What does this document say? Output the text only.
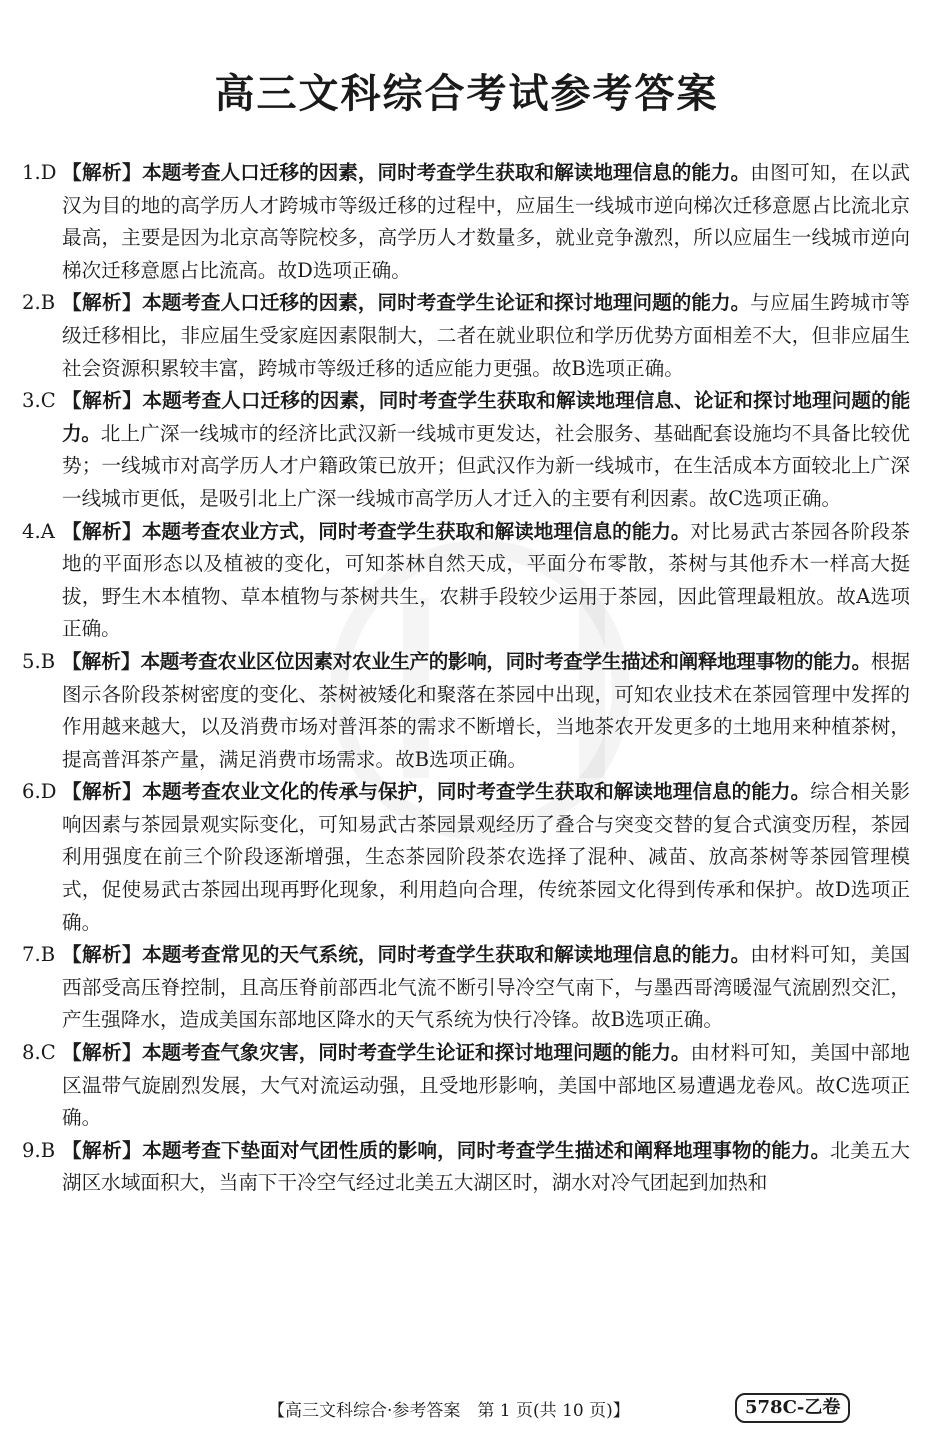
高三文科综合考试参考答案
1.D 【解析】本题考查人口迁移的因素，同时考查学生获取和解读地理信息的能力。由图可知，在以武汉为目的地的高学历人才跨城市等级迁移的过程中，应届生一线城市逆向梯次迁移意愿占比流北京最高，主要是因为北京高等院校多，高学历人才数量多，就业竞争激烈，所以应届生一线城市逆向梯次迁移意愿占比流高。故D选项正确。
2.B 【解析】本题考查人口迁移的因素，同时考查学生论证和探讨地理问题的能力。与应届生跨城市等级迁移相比，非应届生受家庭因素限制大，二者在就业职位和学历优势方面相差不大，但非应届生社会资源积累较丰富，跨城市等级迁移的适应能力更强。故B选项正确。
3.C 【解析】本题考查人口迁移的因素，同时考查学生获取和解读地理信息、论证和探讨地理问题的能力。北上广深一线城市的经济比武汉新一线城市更发达，社会服务、基础配套设施均不具备比较优势；一线城市对高学历人才户籍政策已放开；但武汉作为新一线城市，在生活成本方面较北上广深一线城市更低，是吸引北上广深一线城市高学历人才迁入的主要有利因素。故C选项正确。
4.A 【解析】本题考查农业方式，同时考查学生获取和解读地理信息的能力。对比易武古茶园各阶段茶地的平面形态以及植被的变化，可知茶林自然天成，平面分布零散，茶树与其他乔木一样高大挺拔，野生木本植物、草本植物与茶树共生，农耕手段较少运用于茶园，因此管理最粗放。故A选项正确。
5.B 【解析】本题考查农业区位因素对农业生产的影响，同时考查学生描述和阐释地理事物的能力。根据图示各阶段茶树密度的变化、茶树被矮化和聚落在茶园中出现，可知农业技术在茶园管理中发挥的作用越来越大，以及消费市场对普洱茶的需求不断增长，当地茶农开发更多的土地用来种植茶树，提高普洱茶产量，满足消费市场需求。故B选项正确。
6.D 【解析】本题考查农业文化的传承与保护，同时考查学生获取和解读地理信息的能力。综合相关影响因素与茶园景观实际变化，可知易武古茶园景观经历了叠合与突变交替的复合式演变历程，茶园利用强度在前三个阶段逐渐增强，生态茶园阶段茶农选择了混种、减苗、放高茶树等茶园管理模式，促使易武古茶园出现再野化现象，利用趋向合理，传统茶园文化得到传承和保护。故D选项正确。
7.B 【解析】本题考查常见的天气系统，同时考查学生获取和解读地理信息的能力。由材料可知，美国西部受高压脊控制，且高压脊前部西北气流不断引导冷空气南下，与墨西哥湾暖湿气流剧烈交汇，产生强降水，造成美国东部地区降水的天气系统为快行冷锋。故B选项正确。
8.C 【解析】本题考查气象灾害，同时考查学生论证和探讨地理问题的能力。由材料可知，美国中部地区温带气旋剧烈发展，大气对流运动强，且受地形影响，美国中部地区易遭遇龙卷风。故C选项正确。
9.B 【解析】本题考查下垫面对气团性质的影响，同时考查学生描述和阐释地理事物的能力。北美五大湖区水域面积大，当南下干冷空气经过北美五大湖区时，湖水对冷气团起到加热和
【高三文科综合·参考答案　第 1 页(共 10 页)】	578C-乙卷
